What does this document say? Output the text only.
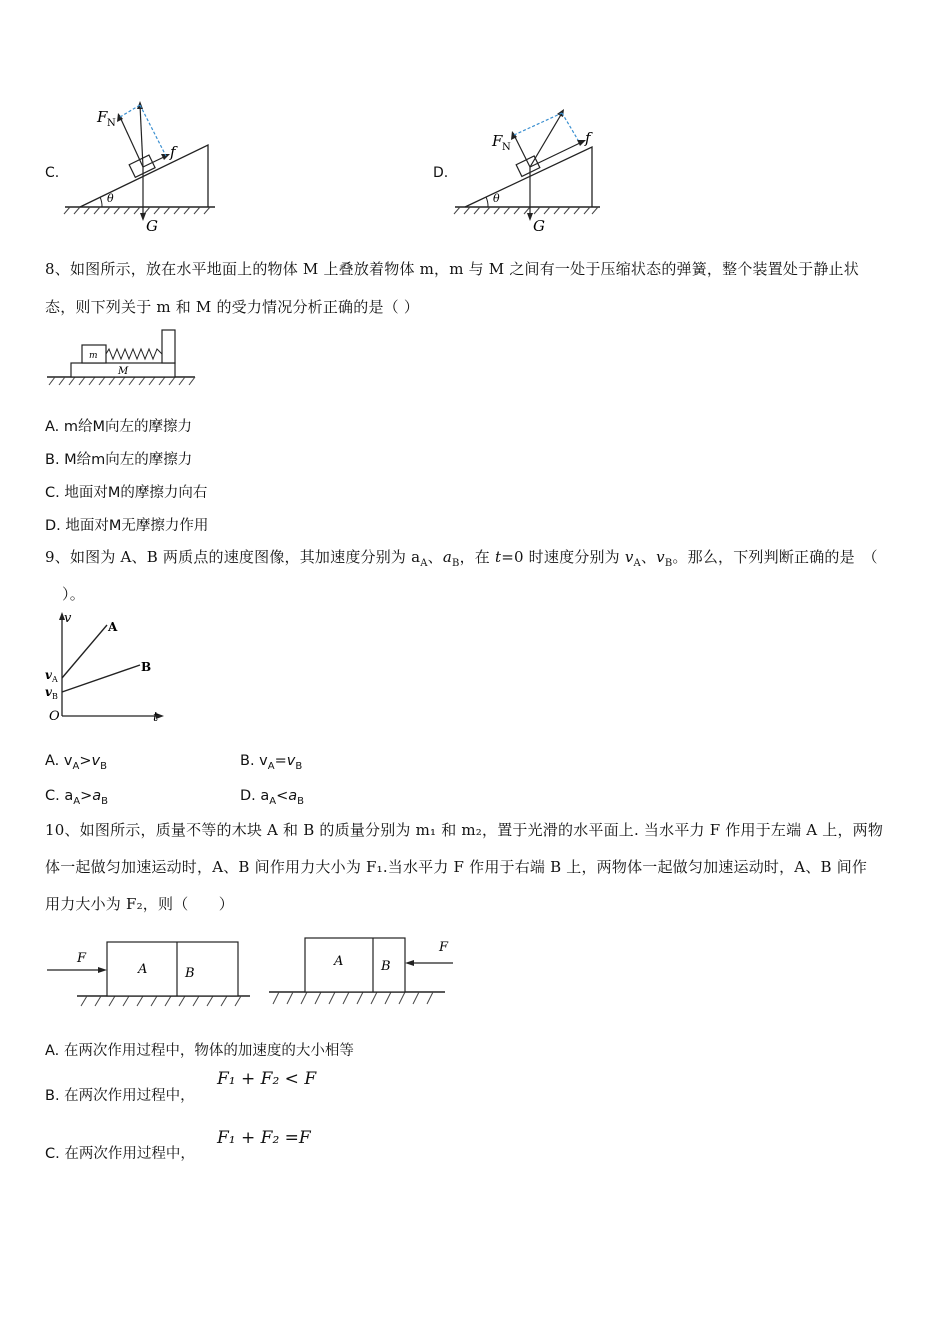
C.
θ
F N
f
G
D.
θ
F N
f
G
8、如图所示，放在水平地面上的物体 M 上叠放着物体 m，m 与 M 之间有一处于压缩状态的弹簧，整个装置处于静止状
态，则下列关于 m 和 M 的受力情况分析正确的是（ ）
m
M
A. m给M向左的摩擦力
B. M给m向左的摩擦力
C. 地面对M的摩擦力向右
D. 地面对M无摩擦力作用
9、如图为 A、B 两质点的速度图像，其加速度分别为 $a_A$、$a_B$，在 t=0 时速度分别为 $v_A$、$v_B$。那么，下列判断正确的是　（
）。
v
A
B
v A
v B
O	t
A. $v_A>v_B$	B. $v_A=v_B$
C. $a_A>a_B$	D. $a_A<a_B$
10、如图所示，质量不等的木块 A 和 B 的质量分别为 m₁ 和 m₂，置于光滑的水平面上. 当水平力 F 作用于左端 A 上，两物
体一起做匀加速运动时，A、B 间作用力大小为 F₁.当水平力 F 作用于右端 B 上，两物体一起做匀加速运动时，A、B 间作
用力大小为 F₂，则（　　）
F
A	B
F
A	B
A. 在两次作用过程中，物体的加速度的大小相等
B. 在两次作用过程中，
F₁ + F₂ < F
C. 在两次作用过程中，
F₁ + F₂ =F
